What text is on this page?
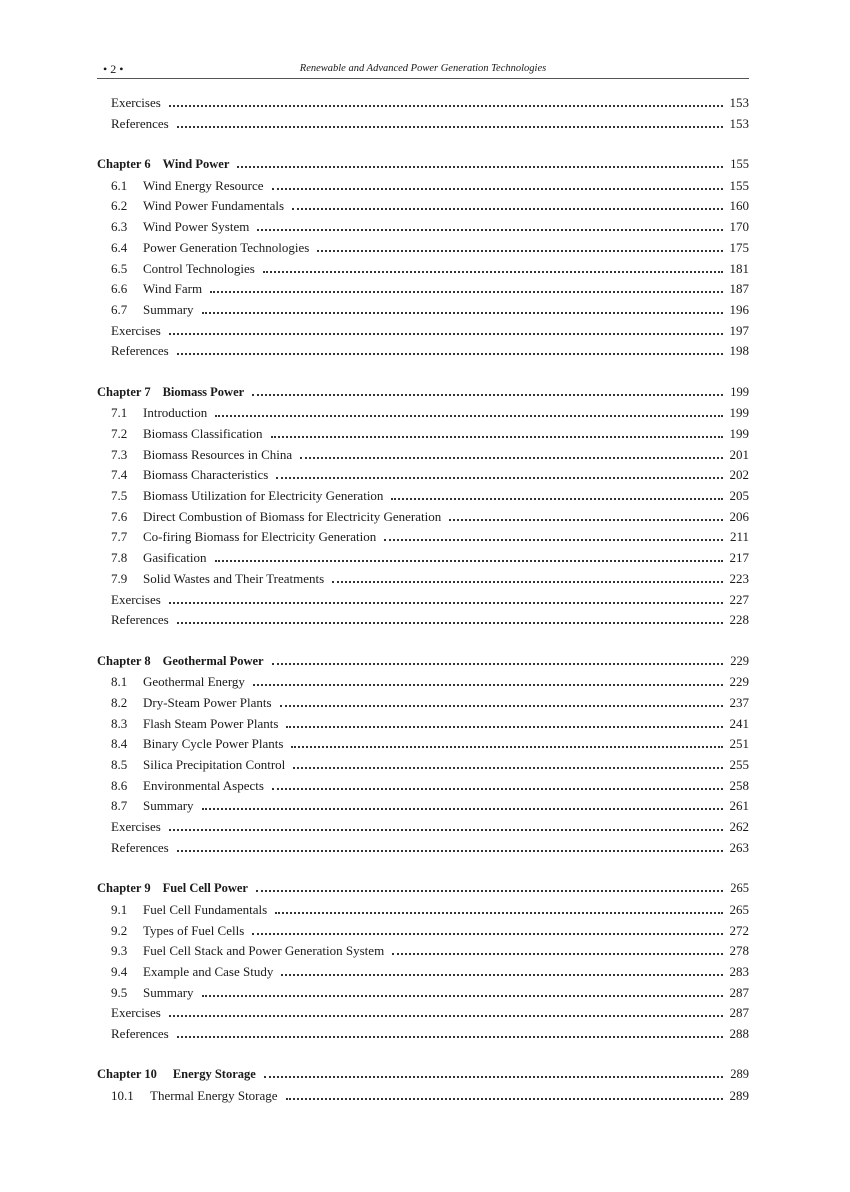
• 2 •	Renewable and Advanced Power Generation Technologies
Exercises	153
References	153
Chapter 6 Wind Power	155
6.1	Wind Energy Resource	155
6.2	Wind Power Fundamentals	160
6.3	Wind Power System	170
6.4	Power Generation Technologies	175
6.5	Control Technologies	181
6.6	Wind Farm	187
6.7	Summary	196
Exercises	197
References	198
Chapter 7 Biomass Power	199
7.1	Introduction	199
7.2	Biomass Classification	199
7.3	Biomass Resources in China	201
7.4	Biomass Characteristics	202
7.5	Biomass Utilization for Electricity Generation	205
7.6	Direct Combustion of Biomass for Electricity Generation	206
7.7	Co-firing Biomass for Electricity Generation	211
7.8	Gasification	217
7.9	Solid Wastes and Their Treatments	223
Exercises	227
References	228
Chapter 8 Geothermal Power	229
8.1	Geothermal Energy	229
8.2	Dry-Steam Power Plants	237
8.3	Flash Steam Power Plants	241
8.4	Binary Cycle Power Plants	251
8.5	Silica Precipitation Control	255
8.6	Environmental Aspects	258
8.7	Summary	261
Exercises	262
References	263
Chapter 9 Fuel Cell Power	265
9.1	Fuel Cell Fundamentals	265
9.2	Types of Fuel Cells	272
9.3	Fuel Cell Stack and Power Generation System	278
9.4	Example and Case Study	283
9.5	Summary	287
Exercises	287
References	288
Chapter 10 Energy Storage	289
10.1	Thermal Energy Storage	289
